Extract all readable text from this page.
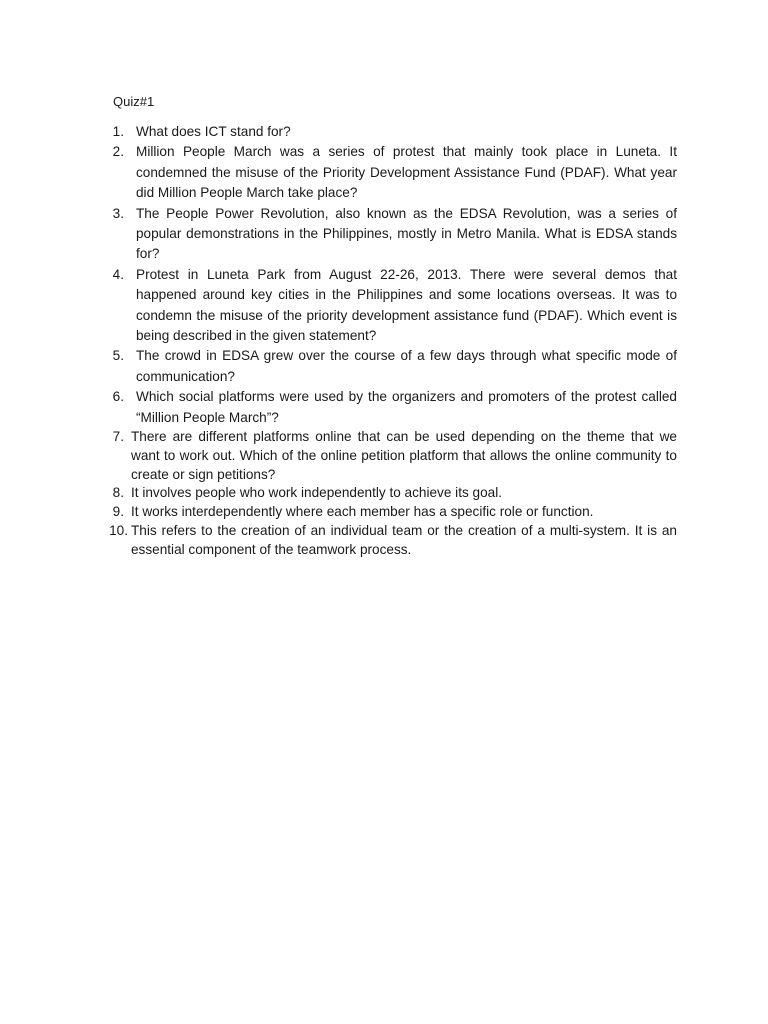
Quiz#1
1. What does ICT stand for?
2. Million People March was a series of protest that mainly took place in Luneta. It condemned the misuse of the Priority Development Assistance Fund (PDAF). What year did Million People March take place?
3. The People Power Revolution, also known as the EDSA Revolution, was a series of popular demonstrations in the Philippines, mostly in Metro Manila. What is EDSA stands for?
4. Protest in Luneta Park from August 22-26, 2013. There were several demos that happened around key cities in the Philippines and some locations overseas. It was to condemn the misuse of the priority development assistance fund (PDAF). Which event is being described in the given statement?
5. The crowd in EDSA grew over the course of a few days through what specific mode of communication?
6. Which social platforms were used by the organizers and promoters of the protest called “Million People March”?
7. There are different platforms online that can be used depending on the theme that we want to work out. Which of the online petition platform that allows the online community to create or sign petitions?
8. It involves people who work independently to achieve its goal.
9. It works interdependently where each member has a specific role or function.
10. This refers to the creation of an individual team or the creation of a multi-system. It is an essential component of the teamwork process.
